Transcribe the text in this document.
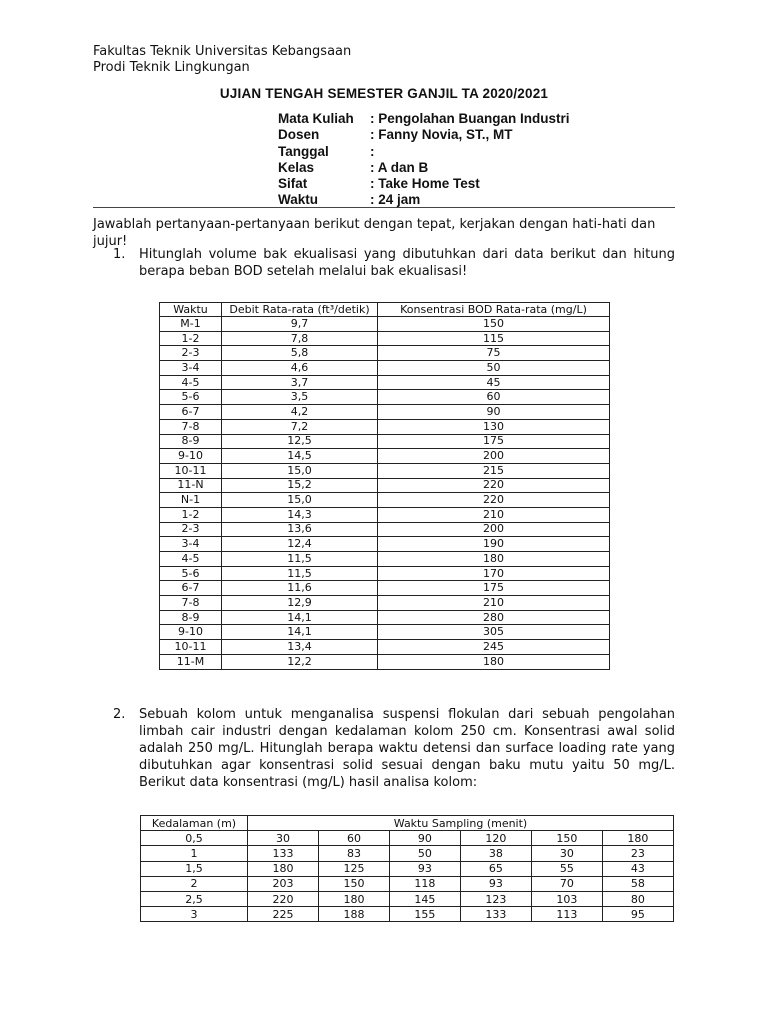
Fakultas Teknik Universitas Kebangsaan
Prodi Teknik Lingkungan
UJIAN TENGAH SEMESTER GANJIL TA 2020/2021
Mata Kuliah : Pengolahan Buangan Industri
Dosen	: Fanny Novia, ST., MT
Tanggal	:
Kelas	: A dan B
Sifat	: Take Home Test
Waktu	: 24 jam
Jawablah pertanyaan-pertanyaan berikut dengan tepat, kerjakan dengan hati-hati dan jujur!
1. Hitunglah volume bak ekualisasi yang dibutuhkan dari data berikut dan hitung berapa beban BOD setelah melalui bak ekualisasi!
Waktu	Debit Rata-rata (ft³/detik)	Konsentrasi BOD Rata-rata (mg/L)
M-1	9,7	150
1-2	7,8	115
2-3	5,8	75
3-4	4,6	50
4-5	3,7	45
5-6	3,5	60
6-7	4,2	90
7-8	7,2	130
8-9	12,5	175
9-10	14,5	200
10-11	15,0	215
11-N	15,2	220
N-1	15,0	220
1-2	14,3	210
2-3	13,6	200
3-4	12,4	190
4-5	11,5	180
5-6	11,5	170
6-7	11,6	175
7-8	12,9	210
8-9	14,1	280
9-10	14,1	305
10-11	13,4	245
11-M	12,2	180
2. Sebuah kolom untuk menganalisa suspensi flokulan dari sebuah pengolahan limbah cair industri dengan kedalaman kolom 250 cm. Konsentrasi awal solid adalah 250 mg/L. Hitunglah berapa waktu detensi dan surface loading rate yang dibutuhkan agar konsentrasi solid sesuai dengan baku mutu yaitu 50 mg/L. Berikut data konsentrasi (mg/L) hasil analisa kolom:
Kedalaman (m)	Waktu Sampling (menit)					
0,5	30	60	90	120	150	180
1	133	83	50	38	30	23
1,5	180	125	93	65	55	43
2	203	150	118	93	70	58
2,5	220	180	145	123	103	80
3	225	188	155	133	113	95
